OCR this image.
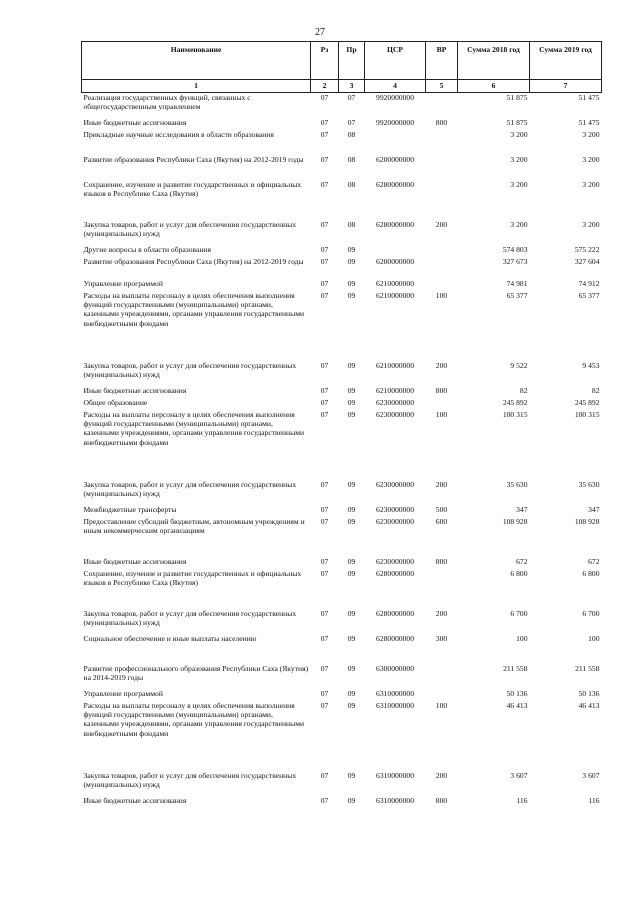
27
Наименование	Рз	Пр	ЦСР	ВР	Сумма 2018 год	Сумма 2019 год
1	2	3	4	5	6	7
Реализация государственных функций, связанных с общегосударственным управлением	07	07	9920000000		51 875	51 475
Иные бюджетные ассигнования	07	07	9920000000	800	51 875	51 475
Прикладные научные исследования в области образования	07	08			3 200	3 200
Развитие образования Республики Саха (Якутия) на 2012-2019 годы	07	08	6200000000		3 200	3 200
Сохранение, изучение и развитие государственных и официальных языков в Республике Саха (Якутия)	07	08	6280000000		3 200	3 200
Закупка товаров, работ и услуг для обеспечения государственных (муниципальных) нужд	07	08	6280000000	200	3 200	3 200
Другие вопросы в области образования	07	09			574 803	575 222
Развитие образования Республики Саха (Якутия) на 2012-2019 годы	07	09	6200000000		327 673	327 604
Управление программой	07	09	6210000000		74 981	74 912
Расходы на выплаты персоналу в целях обеспечения выполнения функций государственными (муниципальными) органами, казенными учреждениями, органами управления государственными внебюджетными фондами	07	09	6210000000	100	65 377	65 377
Закупка товаров, работ и услуг для обеспечения государственных (муниципальных) нужд	07	09	6210000000	200	9 522	9 453
Иные бюджетные ассигнования	07	09	6210000000	800	82	82
Общее образование	07	09	6230000000		245 892	245 892
Расходы на выплаты персоналу в целях обеспечения выполнения функций государственными (муниципальными) органами, казенными учреждениями, органами управления государственными внебюджетными фондами	07	09	6230000000	100	100 315	100 315
Закупка товаров, работ и услуг для обеспечения государственных (муниципальных) нужд	07	09	6230000000	200	35 630	35 630
Межбюджетные трансферты	07	09	6230000000	500	347	347
Предоставление субсидий бюджетным, автономным учреждениям и иным некоммерческим организациям	07	09	6230000000	600	108 928	108 928
Иные бюджетные ассигнования	07	09	6230000000	800	672	672
Сохранение, изучение и развитие государственных и официальных языков в Республике Саха (Якутия)	07	09	6280000000		6 800	6 800
Закупка товаров, работ и услуг для обеспечения государственных (муниципальных) нужд	07	09	6280000000	200	6 700	6 700
Социальное обеспечение и иные выплаты населению	07	09	6280000000	300	100	100
Развитие профессионального образования Республики Саха (Якутия) на 2014-2019 годы	07	09	6300000000		211 558	211 558
Управление программой	07	09	6310000000		50 136	50 136
Расходы на выплаты персоналу в целях обеспечения выполнения функций государственными (муниципальными) органами, казенными учреждениями, органами управления государственными внебюджетными фондами	07	09	6310000000	100	46 413	46 413
Закупка товаров, работ и услуг для обеспечения государственных (муниципальных) нужд	07	09	6310000000	200	3 607	3 607
Иные бюджетные ассигнования	07	09	6310000000	800	116	116
